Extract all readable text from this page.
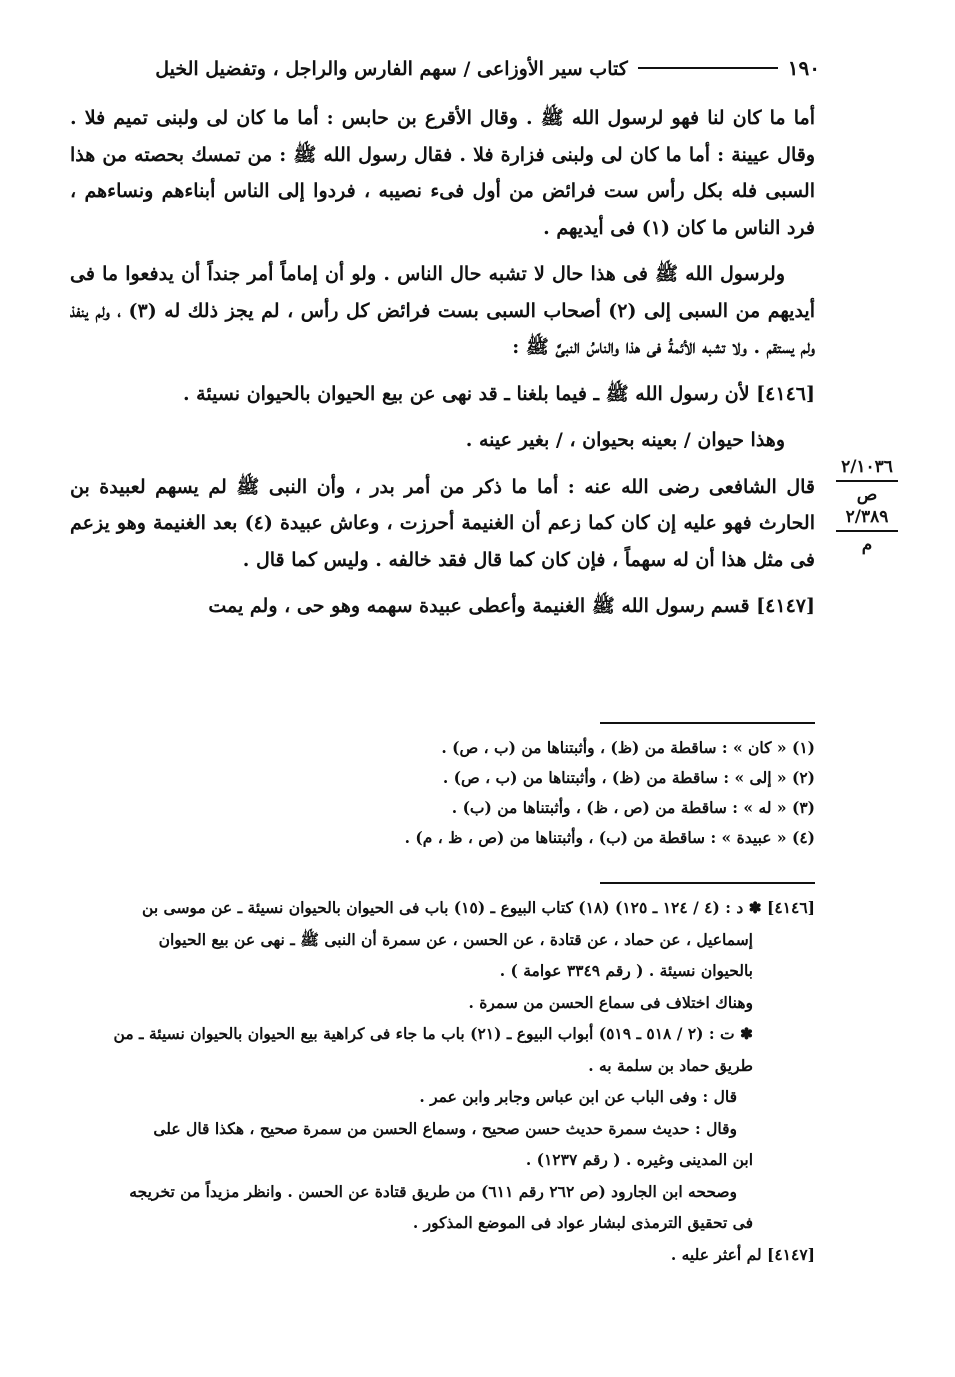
١٩٠
كتاب سير الأوزاعى / سهم الفارس والراجل ، وتفضيل الخيل

أما ما كان لنا فهو لرسول الله ﷺ . وقال الأقرع بن حابس : أما ما كان لى ولبنى تميم فلا . وقال عيينة : أما ما كان لى ولبنى فزارة فلا . فقال رسول الله ﷺ : من تمسك بحصته من هذا السبى فله بكل رأس ست فرائض من أول فىء نصيبه ، فردوا إلى الناس أبناءهم ونساءهم ، فرد الناس ما كان (١) فى أيديهم .

ولرسول الله ﷺ فى هذا حال لا تشبه حال الناس . ولو أن إماماً أمر جنداً أن يدفعوا ما فى أيديهم من السبى إلى (٢) أصحاب السبى بست فرائض كل رأس ، لم يجز ذلك له (٣) ، ولم ينفذ ولم يستقم . ولا تشبه الأئمةُ فى هذا والناسُ النبىَّ ﷺ :

[٤١٤٦] لأن رسول الله ﷺ ـ فيما بلغنا ـ قد نهى عن بيع الحيوان بالحيوان نسيئة .

وهذا حيوان / بعينه بحيوان ، / بغير عينه .

قال الشافعى رضى الله عنه : أما ما ذكر من أمر بدر ، وأن النبى ﷺ لم يسهم لعبيدة بن الحارث فهو عليه إن كان كما زعم أن الغنيمة أحرزت ، وعاش عبيدة (٤) بعد الغنيمة وهو يزعم فى مثل هذا أن له سهماً ، فإن كان كما قال فقد خالفه . وليس كما قال .

[٤١٤٧] قسم رسول الله ﷺ الغنيمة وأعطى عبيدة سهمه وهو حى ، ولم يمت

٢/١٠٣٦
ص
٢/٣٨٩
م
(١) « كان » : ساقطة من (ظ) ، وأثبتناها من (ب ، ص) .
(٢) « إلى » : ساقطة من (ظ) ، وأثبتناها من (ب ، ص) .
(٣) « له » : ساقطة من (ص ، ظ) ، وأثبتناها من (ب) .
(٤) « عبيدة » : ساقطة من (ب) ، وأثبتناها من (ص ، ظ ، م) .
[٤١٤٦] ✽ د : (٤ / ١٢٤ ـ ١٢٥) (١٨) كتاب البيوع ـ (١٥) باب فى الحيوان بالحيوان نسيئة ـ عن موسى بن
إسماعيل ، عن حماد ، عن قتادة ، عن الحسن ، عن سمرة أن النبى ﷺ ـ نهى عن بيع الحيوان
بالحيوان نسيئة . ( رقم ٣٣٤٩ عوامة ) .
وهناك اختلاف فى سماع الحسن من سمرة .
✽ ت : (٢ / ٥١٨ ـ ٥١٩) أبواب البيوع ـ (٢١) باب ما جاء فى كراهية بيع الحيوان بالحيوان نسيئة ـ من
طريق حماد بن سلمة به .
قال : وفى الباب عن ابن عباس وجابر وابن عمر .
وقال : حديث سمرة حديث حسن صحيح ، وسماع الحسن من سمرة صحيح ، هكذا قال على
ابن المدينى وغيره . ( رقم ١٢٣٧) .
وصححه ابن الجارود (ص ٢٦٢ رقم ٦١١) من طريق قتادة عن الحسن . وانظر مزيداً من تخريجه
فى تحقيق الترمذى لبشار عواد فى الموضع المذكور .
[٤١٤٧] لم أعثر عليه .
